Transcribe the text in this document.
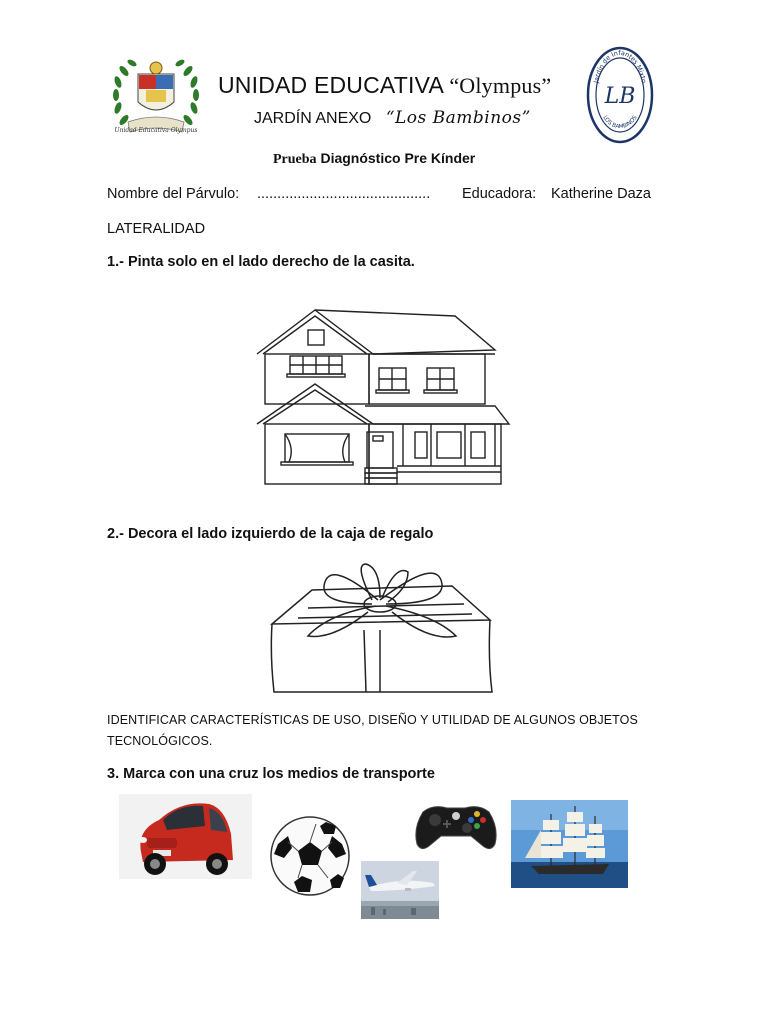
Unidad Educativa Olympus
UNIDAD EDUCATIVA “Olympus”
JARDÍN ANEXO “Los Bambinos”
Jardín de Infantes Mixto
LB
LOS BAMBINOS
Prueba Diagnóstico Pre Kínder
Nombre del Párvulo: ........................................... Educadora: Katherine Daza
LATERALIDAD
1.- Pinta solo en el lado derecho de la casita.
2.- Decora el lado izquierdo de la caja de regalo
IDENTIFICAR CARACTERÍSTICAS DE USO, DISEÑO Y UTILIDAD DE ALGUNOS OBJETOS TECNOLÓGICOS.
3. Marca con una cruz los medios de transporte
